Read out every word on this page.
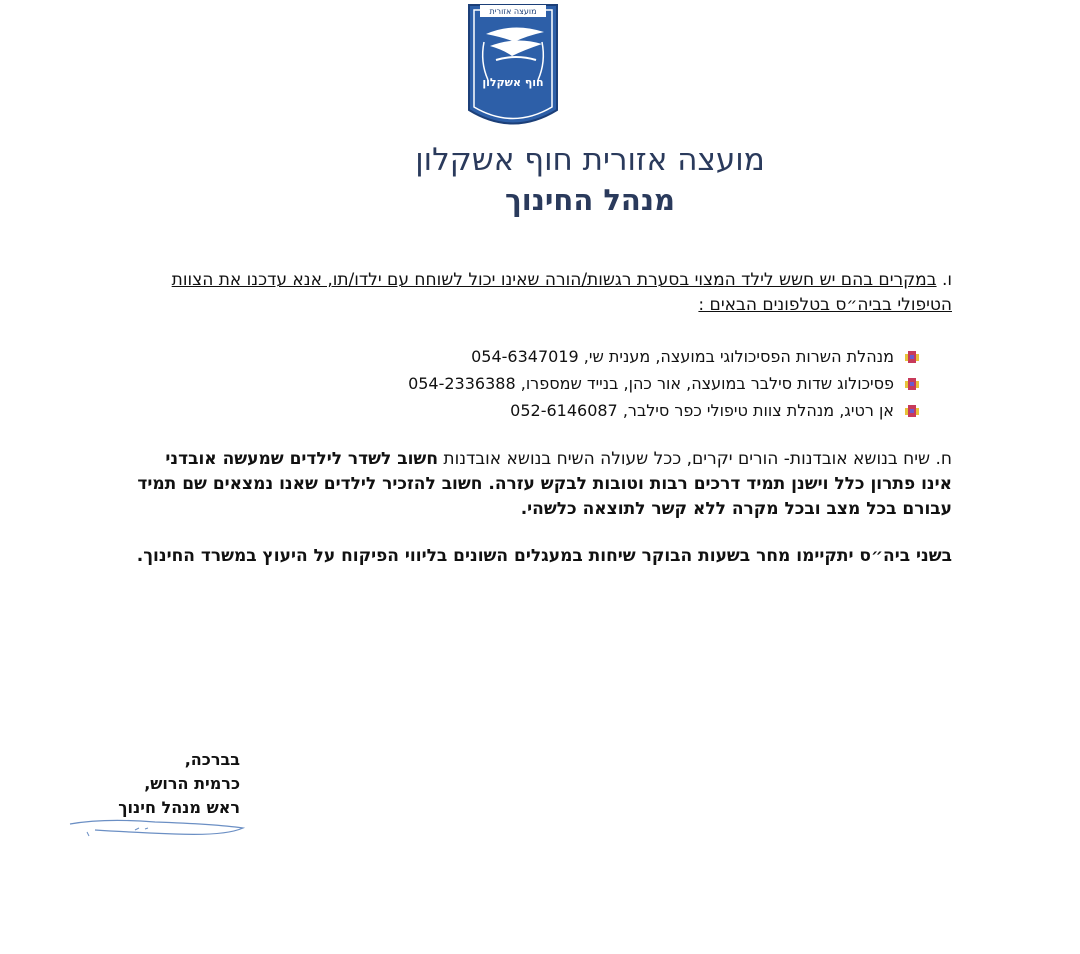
מועצה אזורית
חוף אשקלון
מועצה אזורית חוף אשקלון
מנהל החינוך
ו. במקרים בהם יש חשש לילד המצוי בסערת רגשות/הורה שאינו יכול לשוחח עם ילדו/תו, אנא עדכנו את הצוות הטיפולי בביה״ס בטלפונים הבאים :
מנהלת השרות הפסיכולוגי במועצה, מענית שי, 054-6347019
פסיכולוג שדות סילבר במועצה, אור כהן, בנייד שמספרו, 054-2336388
אן רטיג, מנהלת צוות טיפולי כפר סילבר, 052-6146087
ח. שיח בנושא אובדנות- הורים יקרים, ככל שעולה השיח בנושא אובדנות חשוב לשדר לילדים שמעשה אובדני אינו פתרון כלל וישנן תמיד דרכים רבות וטובות לבקש עזרה. חשוב להזכיר לילדים שאנו נמצאים שם תמיד עבורם בכל מצב ובכל מקרה ללא קשר לתוצאה כלשהי.
בשני ביה״ס יתקיימו מחר בשעות הבוקר שיחות במעגלים השונים בליווי הפיקוח על היעוץ במשרד החינוך.
בברכה,
כרמית הרוש,
ראש מנהל חינוך
